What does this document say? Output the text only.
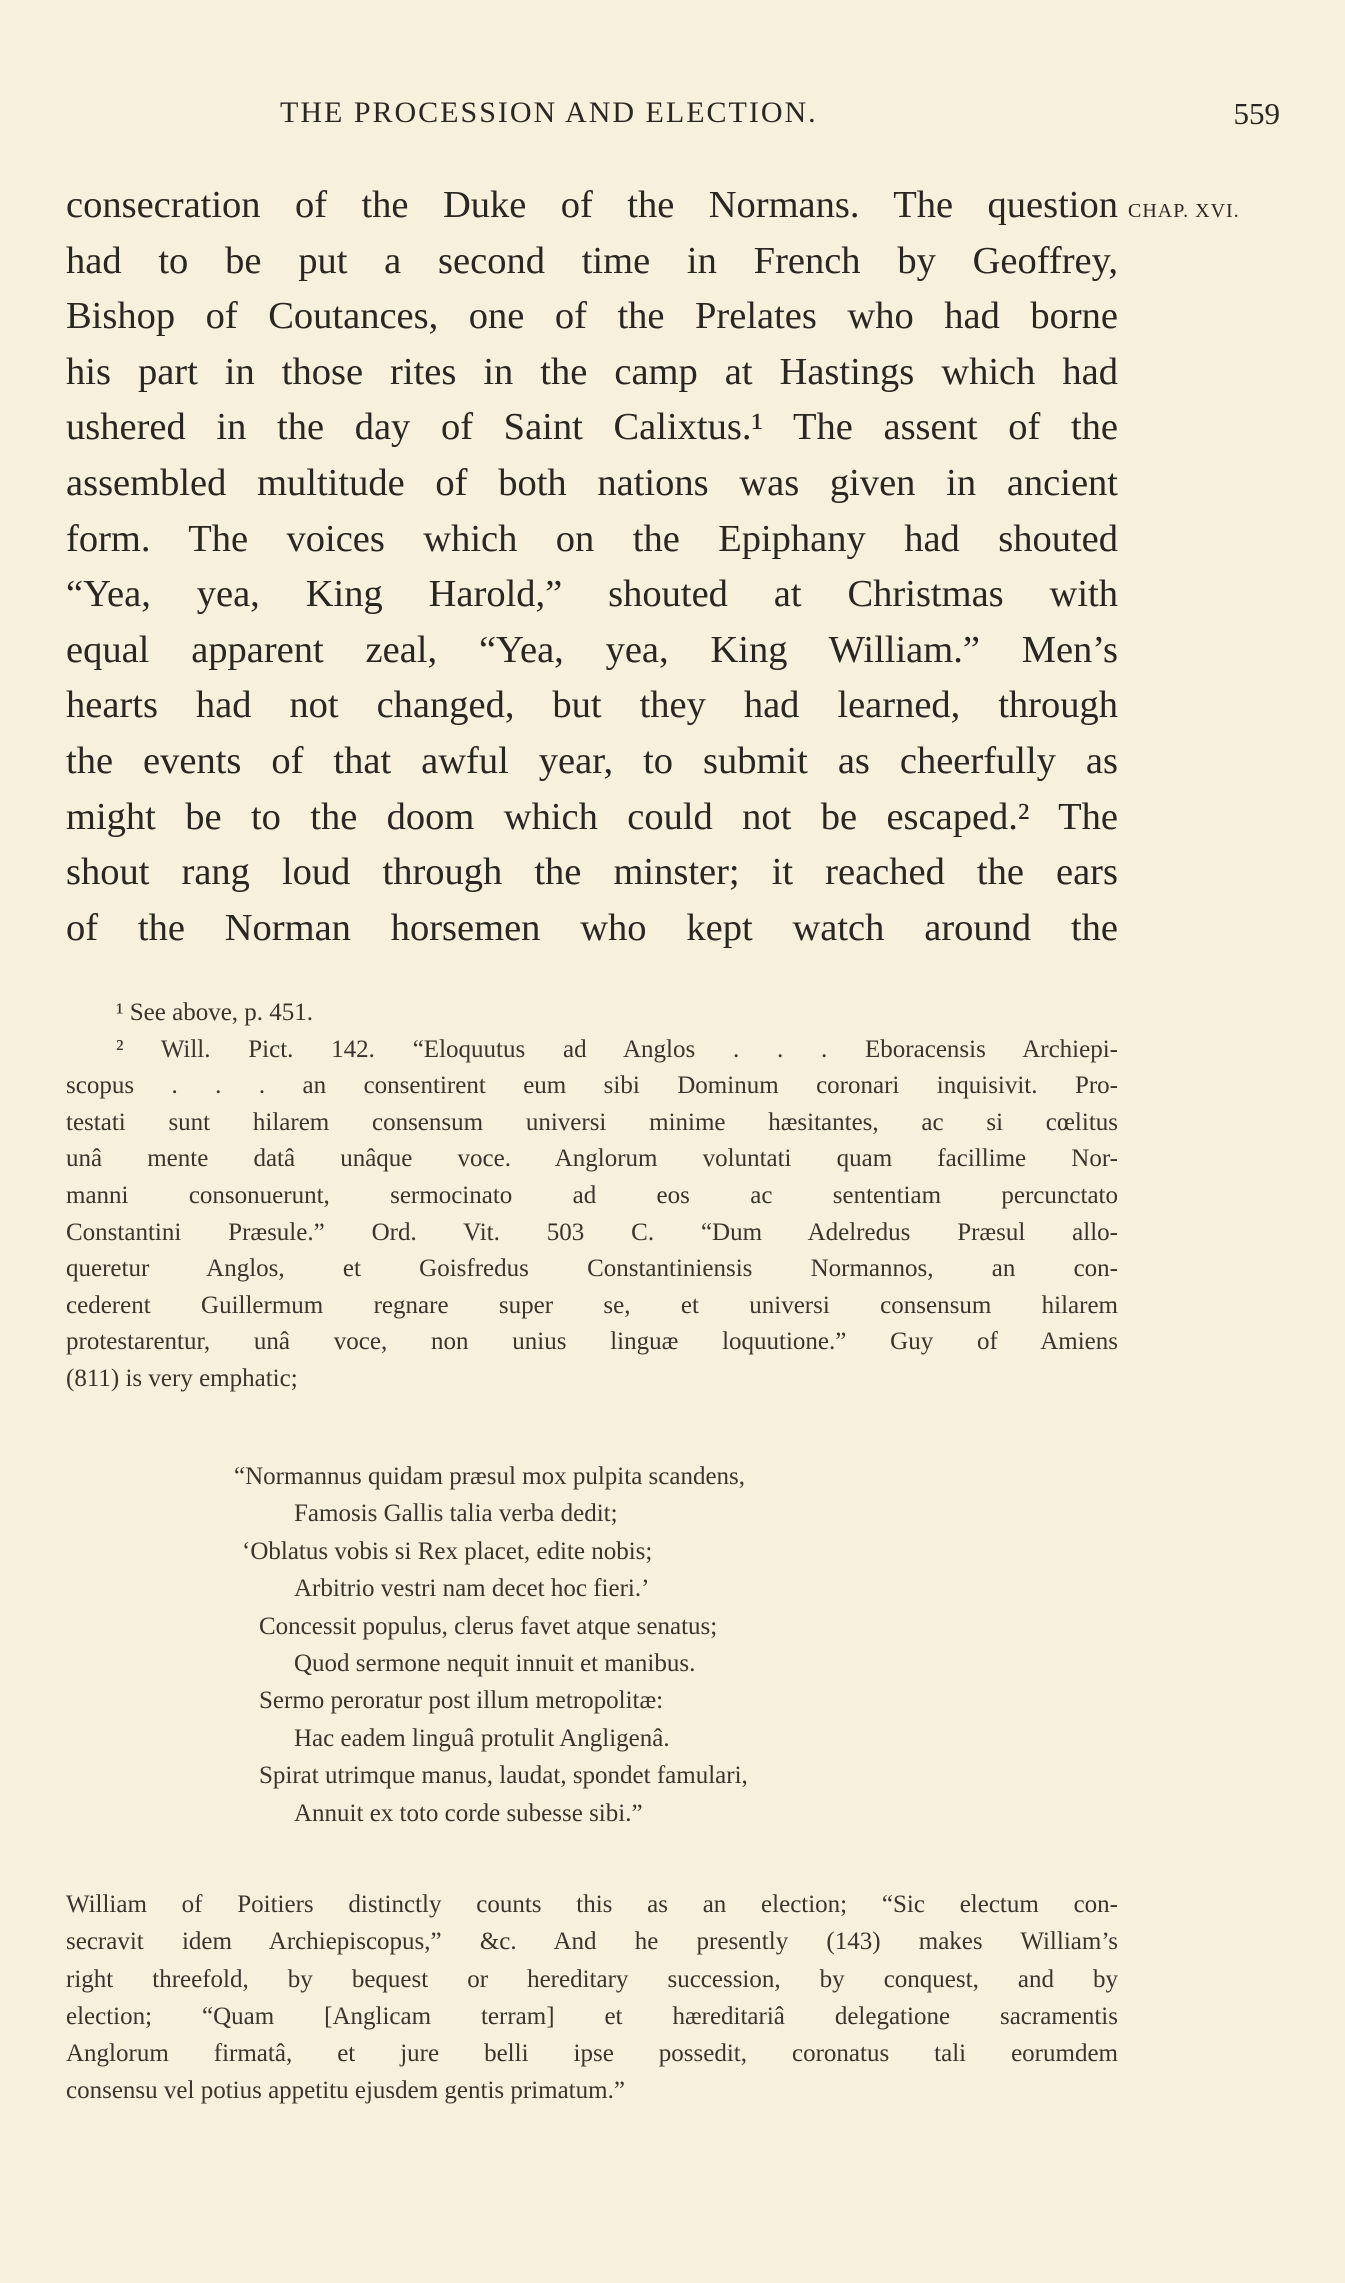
THE PROCESSION AND ELECTION.	559
consecration of the Duke of the Normans. The question
had to be put a second time in French by Geoffrey,
Bishop of Coutances, one of the Prelates who had borne
his part in those rites in the camp at Hastings which had
ushered in the day of Saint Calixtus.¹ The assent of the
assembled multitude of both nations was given in ancient
form. The voices which on the Epiphany had shouted
“Yea, yea, King Harold,” shouted at Christmas with
equal apparent zeal, “Yea, yea, King William.” Men’s
hearts had not changed, but they had learned, through
the events of that awful year, to submit as cheerfully as
might be to the doom which could not be escaped.² The
shout rang loud through the minster; it reached the ears
of the Norman horsemen who kept watch around the
CHAP. XVI.
¹ See above, p. 451.
² Will. Pict. 142. “Eloquutus ad Anglos . . . Eboracensis Archiepi-
scopus . . . an consentirent eum sibi Dominum coronari inquisivit. Pro-
testati sunt hilarem consensum universi minime hæsitantes, ac si cœlitus
unâ mente datâ unâque voce. Anglorum voluntati quam facillime Nor-
manni consonuerunt, sermocinato ad eos ac sententiam percunctato
Constantini Præsule.” Ord. Vit. 503 C. “Dum Adelredus Præsul allo-
queretur Anglos, et Goisfredus Constantiniensis Normannos, an con-
cederent Guillermum regnare super se, et universi consensum hilarem
protestarentur, unâ voce, non unius linguæ loquutione.” Guy of Amiens
(811) is very emphatic;
“Normannus quidam præsul mox pulpita scandens,
Famosis Gallis talia verba dedit;
‘Oblatus vobis si Rex placet, edite nobis;
Arbitrio vestri nam decet hoc fieri.’
Concessit populus, clerus favet atque senatus;
Quod sermone nequit innuit et manibus.
Sermo peroratur post illum metropolitæ:
Hac eadem linguâ protulit Angligenâ.
Spirat utrimque manus, laudat, spondet famulari,
Annuit ex toto corde subesse sibi.”
William of Poitiers distinctly counts this as an election; “Sic electum con-
secravit idem Archiepiscopus,” &c. And he presently (143) makes William’s
right threefold, by bequest or hereditary succession, by conquest, and by
election; “Quam [Anglicam terram] et hæreditariâ delegatione sacramentis
Anglorum firmatâ, et jure belli ipse possedit, coronatus tali eorumdem
consensu vel potius appetitu ejusdem gentis primatum.”
